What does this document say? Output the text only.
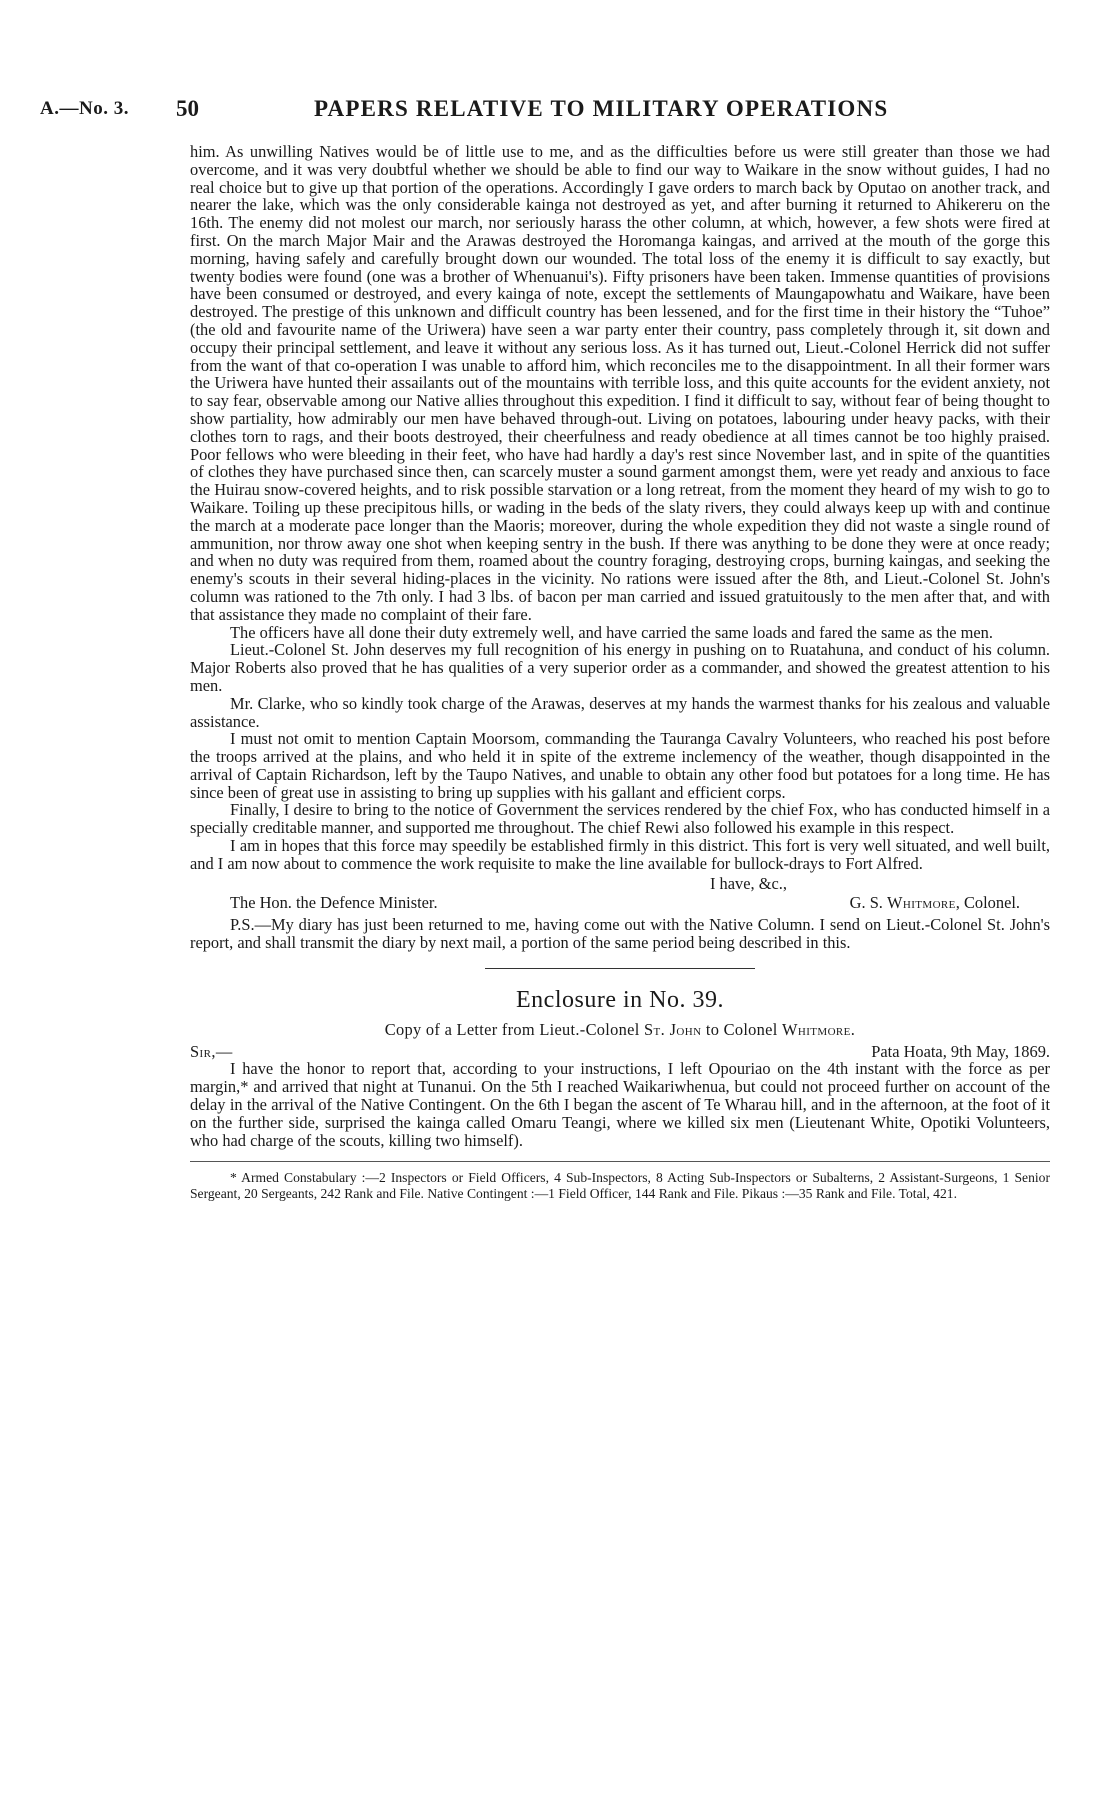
A.—No. 3. 50	PAPERS RELATIVE TO MILITARY OPERATIONS

him. As unwilling Natives would be of little use to me, and as the difficulties before us were still greater than those we had overcome, and it was very doubtful whether we should be able to find our way to Waikare in the snow without guides, I had no real choice but to give up that portion of the operations. Accordingly I gave orders to march back by Oputao on another track, and nearer the lake, which was the only considerable kainga not destroyed as yet, and after burning it returned to Ahikereru on the 16th. The enemy did not molest our march, nor seriously harass the other column, at which, however, a few shots were fired at first. On the march Major Mair and the Arawas destroyed the Horomanga kaingas, and arrived at the mouth of the gorge this morning, having safely and carefully brought down our wounded. The total loss of the enemy it is difficult to say exactly, but twenty bodies were found (one was a brother of Whenuanui's). Fifty prisoners have been taken. Immense quantities of provisions have been consumed or destroyed, and every kainga of note, except the settlements of Maungapowhatu and Waikare, have been destroyed. The prestige of this unknown and difficult country has been lessened, and for the first time in their history the “Tuhoe” (the old and favourite name of the Uriwera) have seen a war party enter their country, pass completely through it, sit down and occupy their principal settlement, and leave it without any serious loss. As it has turned out, Lieut.-Colonel Herrick did not suffer from the want of that co-operation I was unable to afford him, which reconciles me to the disappointment. In all their former wars the Uriwera have hunted their assailants out of the mountains with terrible loss, and this quite accounts for the evident anxiety, not to say fear, observable among our Native allies throughout this expedition. I find it difficult to say, without fear of being thought to show partiality, how admirably our men have behaved through-out. Living on potatoes, labouring under heavy packs, with their clothes torn to rags, and their boots destroyed, their cheerfulness and ready obedience at all times cannot be too highly praised. Poor fellows who were bleeding in their feet, who have had hardly a day's rest since November last, and in spite of the quantities of clothes they have purchased since then, can scarcely muster a sound garment amongst them, were yet ready and anxious to face the Huirau snow-covered heights, and to risk possible starvation or a long retreat, from the moment they heard of my wish to go to Waikare. Toiling up these precipitous hills, or wading in the beds of the slaty rivers, they could always keep up with and continue the march at a moderate pace longer than the Maoris; moreover, during the whole expedition they did not waste a single round of ammunition, nor throw away one shot when keeping sentry in the bush. If there was anything to be done they were at once ready; and when no duty was required from them, roamed about the country foraging, destroying crops, burning kaingas, and seeking the enemy's scouts in their several hiding-places in the vicinity. No rations were issued after the 8th, and Lieut.-Colonel St. John's column was rationed to the 7th only. I had 3 lbs. of bacon per man carried and issued gratuitously to the men after that, and with that assistance they made no complaint of their fare.

The officers have all done their duty extremely well, and have carried the same loads and fared the same as the men.

Lieut.-Colonel St. John deserves my full recognition of his energy in pushing on to Ruatahuna, and conduct of his column. Major Roberts also proved that he has qualities of a very superior order as a commander, and showed the greatest attention to his men.

Mr. Clarke, who so kindly took charge of the Arawas, deserves at my hands the warmest thanks for his zealous and valuable assistance.

I must not omit to mention Captain Moorsom, commanding the Tauranga Cavalry Volunteers, who reached his post before the troops arrived at the plains, and who held it in spite of the extreme inclemency of the weather, though disappointed in the arrival of Captain Richardson, left by the Taupo Natives, and unable to obtain any other food but potatoes for a long time. He has since been of great use in assisting to bring up supplies with his gallant and efficient corps.

Finally, I desire to bring to the notice of Government the services rendered by the chief Fox, who has conducted himself in a specially creditable manner, and supported me throughout. The chief Rewi also followed his example in this respect.

I am in hopes that this force may speedily be established firmly in this district. This fort is very well situated, and well built, and I am now about to commence the work requisite to make the line available for bullock-drays to Fort Alfred.

I have, &c.,
The Hon. the Defence Minister.	G. S. Whitmore, Colonel.

P.S.—My diary has just been returned to me, having come out with the Native Column. I send on Lieut.-Colonel St. John's report, and shall transmit the diary by next mail, a portion of the same period being described in this.

Enclosure in No. 39.
Copy of a Letter from Lieut.-Colonel St. John to Colonel Whitmore.
Sir,—	Pata Hoata, 9th May, 1869.

I have the honor to report that, according to your instructions, I left Opouriao on the 4th instant with the force as per margin,* and arrived that night at Tunanui. On the 5th I reached Waikariwhenua, but could not proceed further on account of the delay in the arrival of the Native Contingent. On the 6th I began the ascent of Te Wharau hill, and in the afternoon, at the foot of it on the further side, surprised the kainga called Omaru Teangi, where we killed six men (Lieutenant White, Opotiki Volunteers, who had charge of the scouts, killing two himself).

* Armed Constabulary :—2 Inspectors or Field Officers, 4 Sub-Inspectors, 8 Acting Sub-Inspectors or Subalterns, 2 Assistant-Surgeons, 1 Senior Sergeant, 20 Sergeants, 242 Rank and File. Native Contingent :—1 Field Officer, 144 Rank and File. Pikaus :—35 Rank and File. Total, 421.
